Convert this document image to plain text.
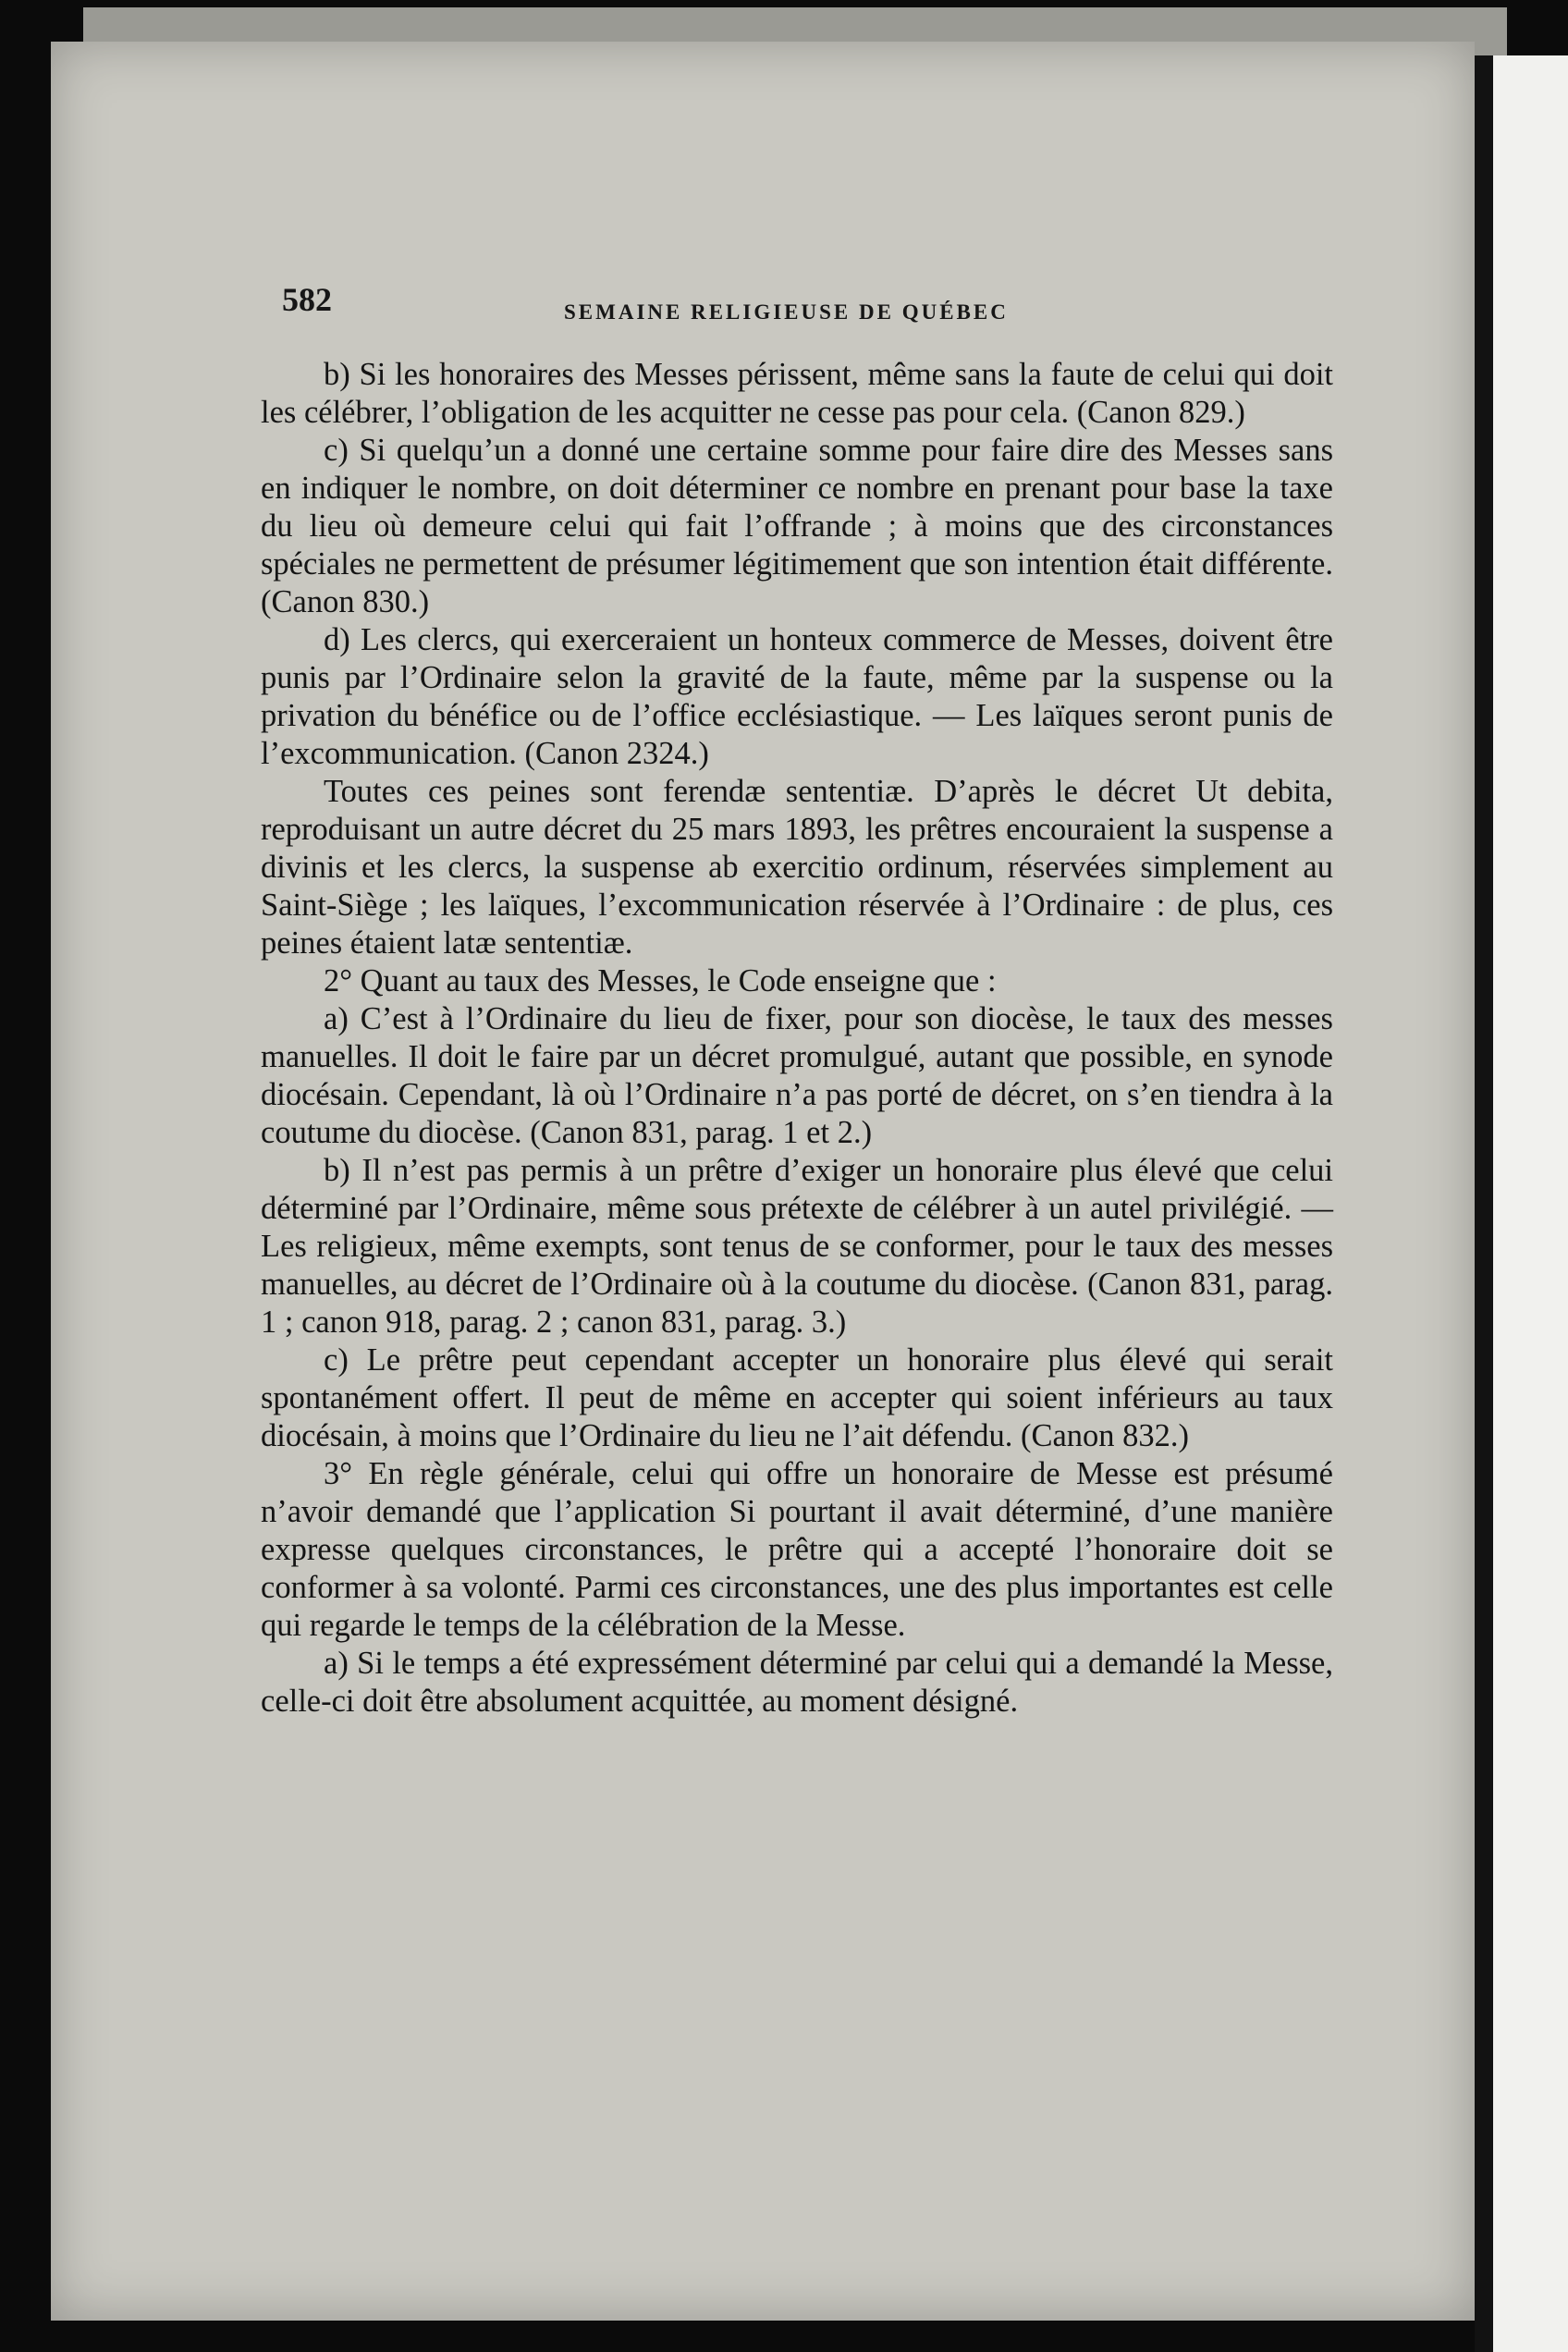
582	SEMAINE RELIGIEUSE DE QUÉBEC

b) Si les honoraires des Messes périssent, même sans la faute de celui qui doit les célébrer, l’obligation de les acquitter ne cesse pas pour cela. (Canon 829.)

c) Si quelqu’un a donné une certaine somme pour faire dire des Messes sans en indiquer le nombre, on doit déterminer ce nombre en prenant pour base la taxe du lieu où demeure celui qui fait l’offrande ; à moins que des circonstances spéciales ne permettent de présumer légitimement que son intention était différente. (Canon 830.)

d) Les clercs, qui exerceraient un honteux commerce de Messes, doivent être punis par l’Ordinaire selon la gravité de la faute, même par la suspense ou la privation du bénéfice ou de l’office ecclésiastique. — Les laïques seront punis de l’excommunication. (Canon 2324.)

Toutes ces peines sont ferendæ sententiæ. D’après le décret Ut debita, reproduisant un autre décret du 25 mars 1893, les prêtres encouraient la suspense a divinis et les clercs, la suspense ab exercitio ordinum, réservées simplement au Saint-Siège ; les laïques, l’excommunication réservée à l’Ordinaire : de plus, ces peines étaient latæ sententiæ.

2° Quant au taux des Messes, le Code enseigne que :

a) C’est à l’Ordinaire du lieu de fixer, pour son diocèse, le taux des messes manuelles. Il doit le faire par un décret promulgué, autant que possible, en synode diocésain. Cependant, là où l’Ordinaire n’a pas porté de décret, on s’en tiendra à la coutume du diocèse. (Canon 831, parag. 1 et 2.)

b) Il n’est pas permis à un prêtre d’exiger un honoraire plus élevé que celui déterminé par l’Ordinaire, même sous prétexte de célébrer à un autel privilégié. — Les religieux, même exempts, sont tenus de se conformer, pour le taux des messes manuelles, au décret de l’Ordinaire où à la coutume du diocèse. (Canon 831, parag. 1 ; canon 918, parag. 2 ; canon 831, parag. 3.)

c) Le prêtre peut cependant accepter un honoraire plus élevé qui serait spontanément offert. Il peut de même en accepter qui soient inférieurs au taux diocésain, à moins que l’Ordinaire du lieu ne l’ait défendu. (Canon 832.)

3° En règle générale, celui qui offre un honoraire de Messe est présumé n’avoir demandé que l’application Si pourtant il avait déterminé, d’une manière expresse quelques circonstances, le prêtre qui a accepté l’honoraire doit se conformer à sa volonté. Parmi ces circonstances, une des plus importantes est celle qui regarde le temps de la célébration de la Messe.

a) Si le temps a été expressément déterminé par celui qui a demandé la Messe, celle-ci doit être absolument acquittée, au moment désigné.
